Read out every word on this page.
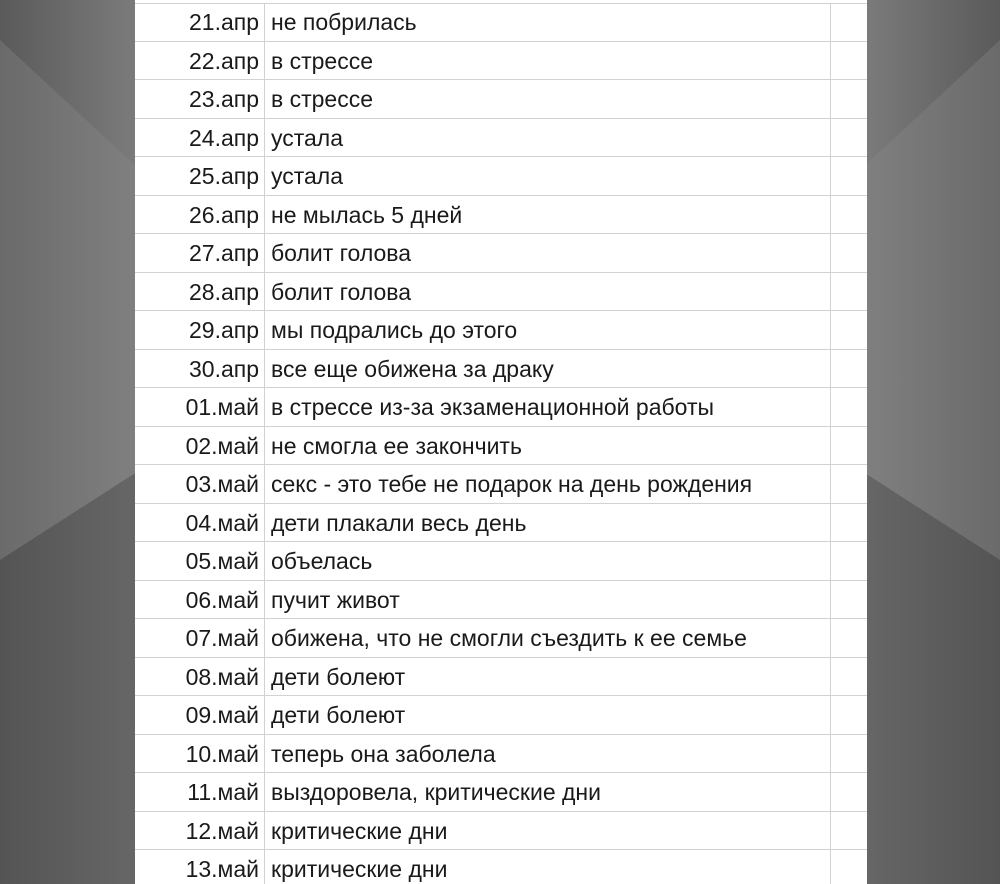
21.апр не побрилась
22.апр в стрессе
23.апр в стрессе
24.апр устала
25.апр устала
26.апр не мылась 5 дней
27.апр болит голова
28.апр болит голова
29.апр мы подрались до этого
30.апр все еще обижена за драку
01.май в стрессе из-за экзаменационной работы
02.май не смогла ее закончить
03.май секс - это тебе не подарок на день рождения
04.май дети плакали весь день
05.май объелась
06.май пучит живот
07.май обижена, что не смогли съездить к ее семье
08.май дети болеют
09.май дети болеют
10.май теперь она заболела
11.май выздоровела, критические дни
12.май критические дни
13.май критические дни
